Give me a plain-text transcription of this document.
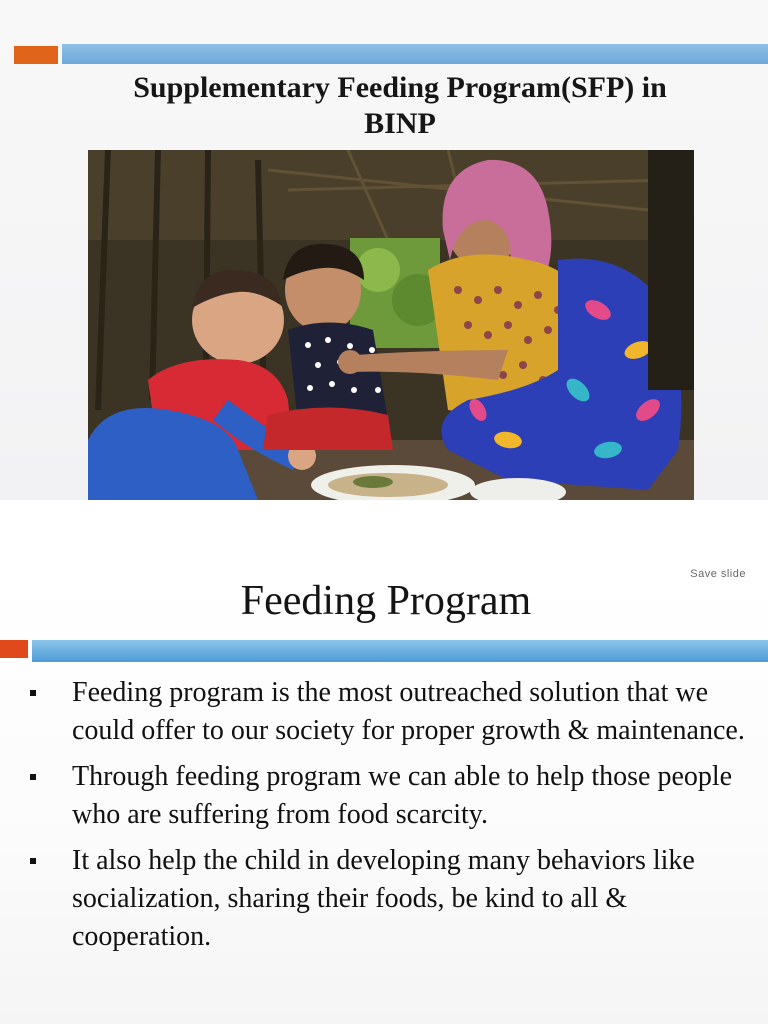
Supplementary Feeding Program(SFP) in
BINP
Save slide
Feeding Program
Feeding program is the most outreached solution that we could offer to our society for proper growth & maintenance.
Through feeding program we can able to help those people who are suffering from food scarcity.
It also help the child in developing many behaviors like socialization, sharing their foods, be kind to all & cooperation.
